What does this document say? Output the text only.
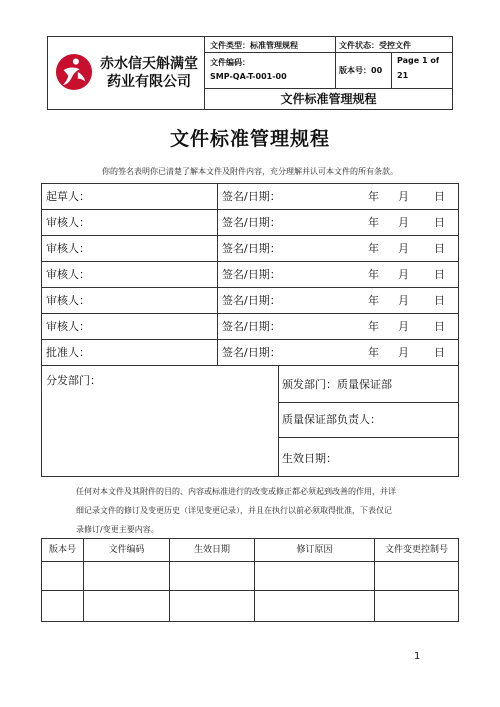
赤水信天斛满堂
药业有限公司
文件类型：标准管理规程	文件状态：受控文件
文件编码：
SMP-QA-T-001-00
版本号：00
Page 1 of
21
文件标准管理规程
文件标准管理规程
你的签名表明你已清楚了解本文件及附件内容，充分理解并认可本文件的所有条款。
起草人：	签名/日期：	年 月 日
审核人：	签名/日期：	年 月 日
审核人：	签名/日期：	年 月 日
审核人：	签名/日期：	年 月 日
审核人：	签名/日期：	年 月 日
审核人：	签名/日期：	年 月 日
批准人：	签名/日期：	年 月 日
分发部门：	颁发部门：质量保证部
质量保证部负责人：
生效日期：
任何对本文件及其附件的目的、内容或标准进行的改变或修正都必须起到改善的作用，并详
细记录文件的修订及变更历史（详见变更记录），并且在执行以前必须取得批准，下表仅记
录修订/变更主要内容。
版本号	文件编码	生效日期	修订原因	文件变更控制号
1
